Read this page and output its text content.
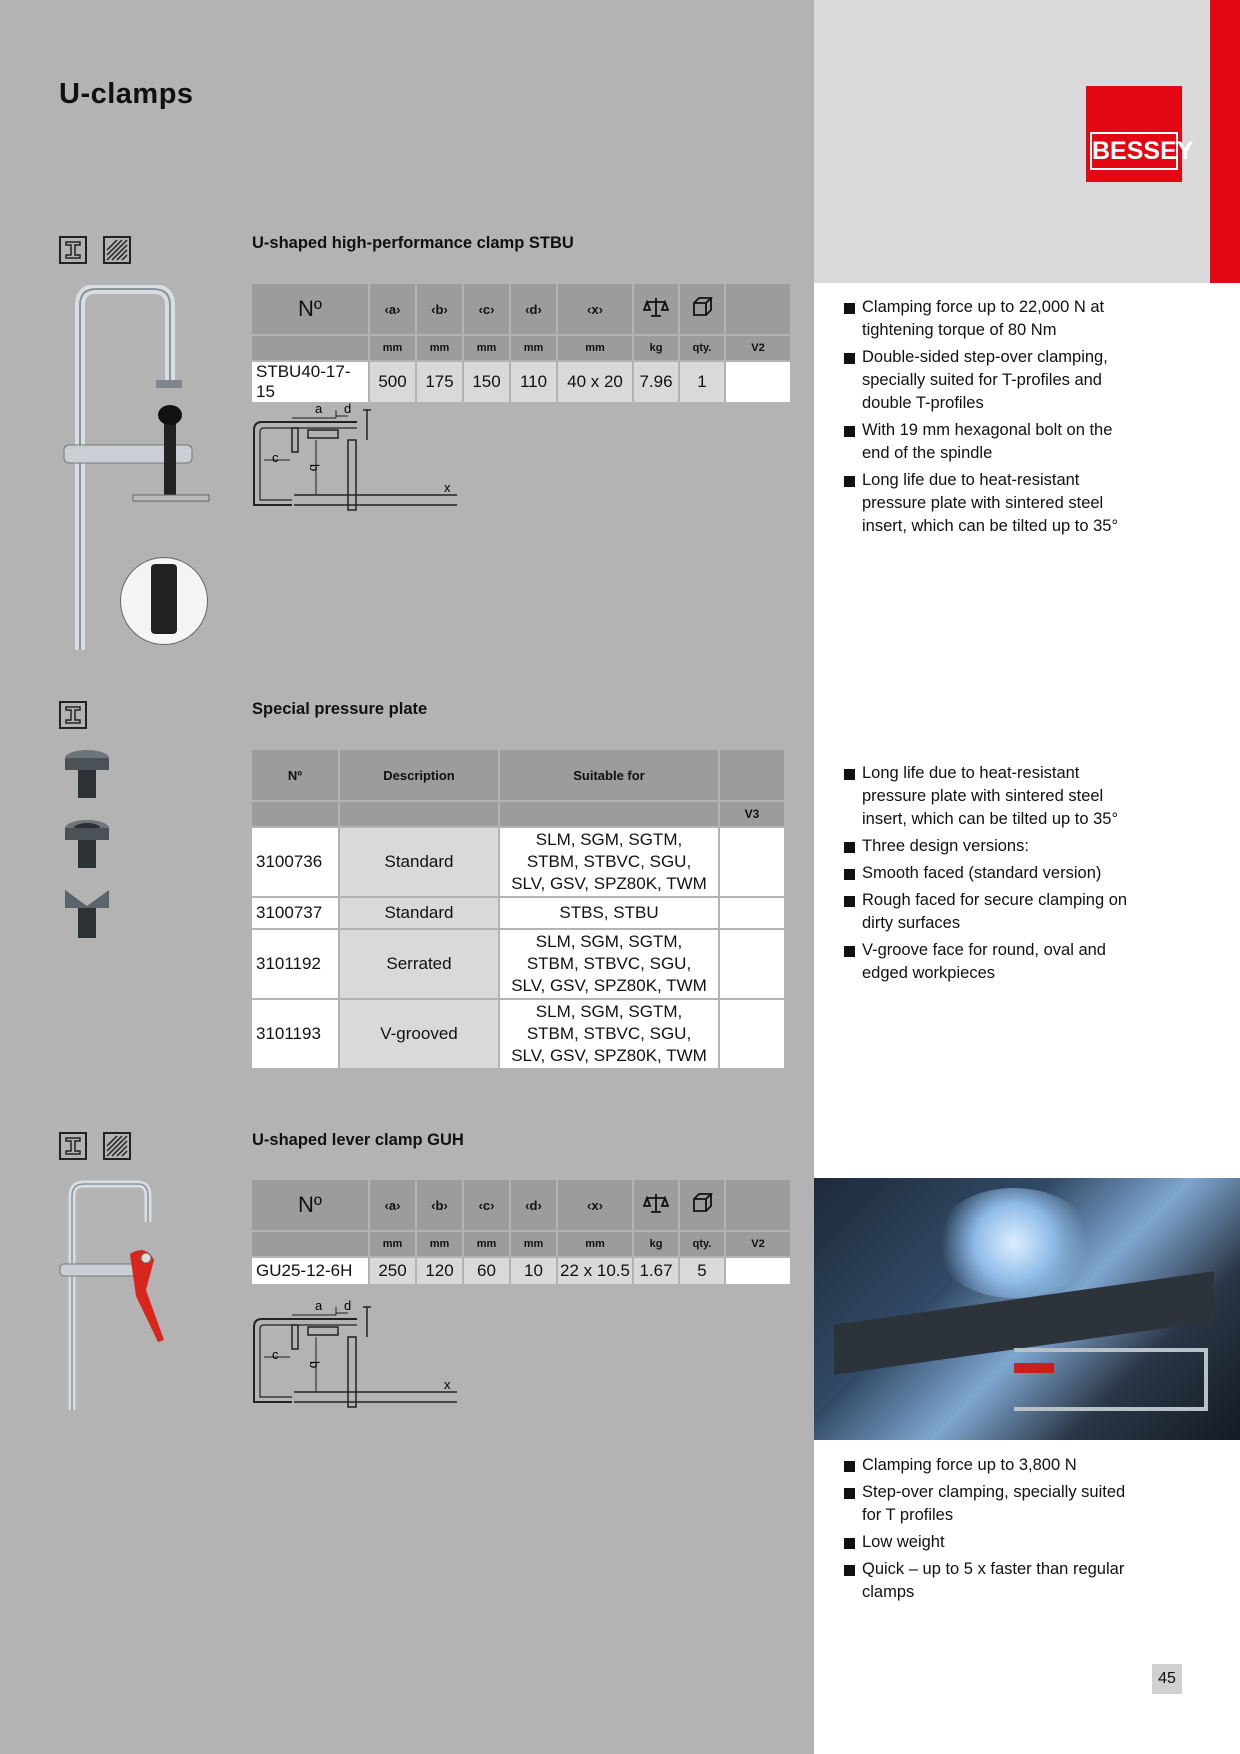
U-clamps
BESSEY
U-shaped high-performance clamp STBU
Nº	‹a›	‹b›	‹c›	‹d›	‹x›			
	mm	mm	mm	mm	mm	kg	qty.	V2
STBU40-17-15	500	175	150	110	40 x 20	7.96	1	
a d
c
b
x
Clamping force up to 22,000 N at tightening torque of 80 Nm
Double-sided step-over clamping, specially suited for T-profiles and double T-profiles
With 19 mm hexagonal bolt on the end of the spindle
Long life due to heat-resistant pressure plate with sintered steel insert, which can be tilted up to 35°
Special pressure plate
Nº	Description	Suitable for	
			V3
3100736	Standard	SLM, SGM, SGTM, STBM, STBVC, SGU, SLV, GSV, SPZ80K, TWM	
3100737	Standard	STBS, STBU	
3101192	Serrated	SLM, SGM, SGTM, STBM, STBVC, SGU, SLV, GSV, SPZ80K, TWM	
3101193	V-grooved	SLM, SGM, SGTM, STBM, STBVC, SGU, SLV, GSV, SPZ80K, TWM	
Long life due to heat-resistant pressure plate with sintered steel insert, which can be tilted up to 35°
Three design versions:
Smooth faced (standard version)
Rough faced for secure clamping on dirty surfaces
V-groove face for round, oval and edged workpieces
U-shaped lever clamp GUH
Nº	‹a›	‹b›	‹c›	‹d›	‹x›			
	mm	mm	mm	mm	mm	kg	qty.	V2
GU25-12-6H	250	120	60	10	22 x 10.5	1.67	5	
a d
c
b
x
Clamping force up to 3,800 N
Step-over clamping, specially suited for T profiles
Low weight
Quick – up to 5 x faster than regular clamps
45
